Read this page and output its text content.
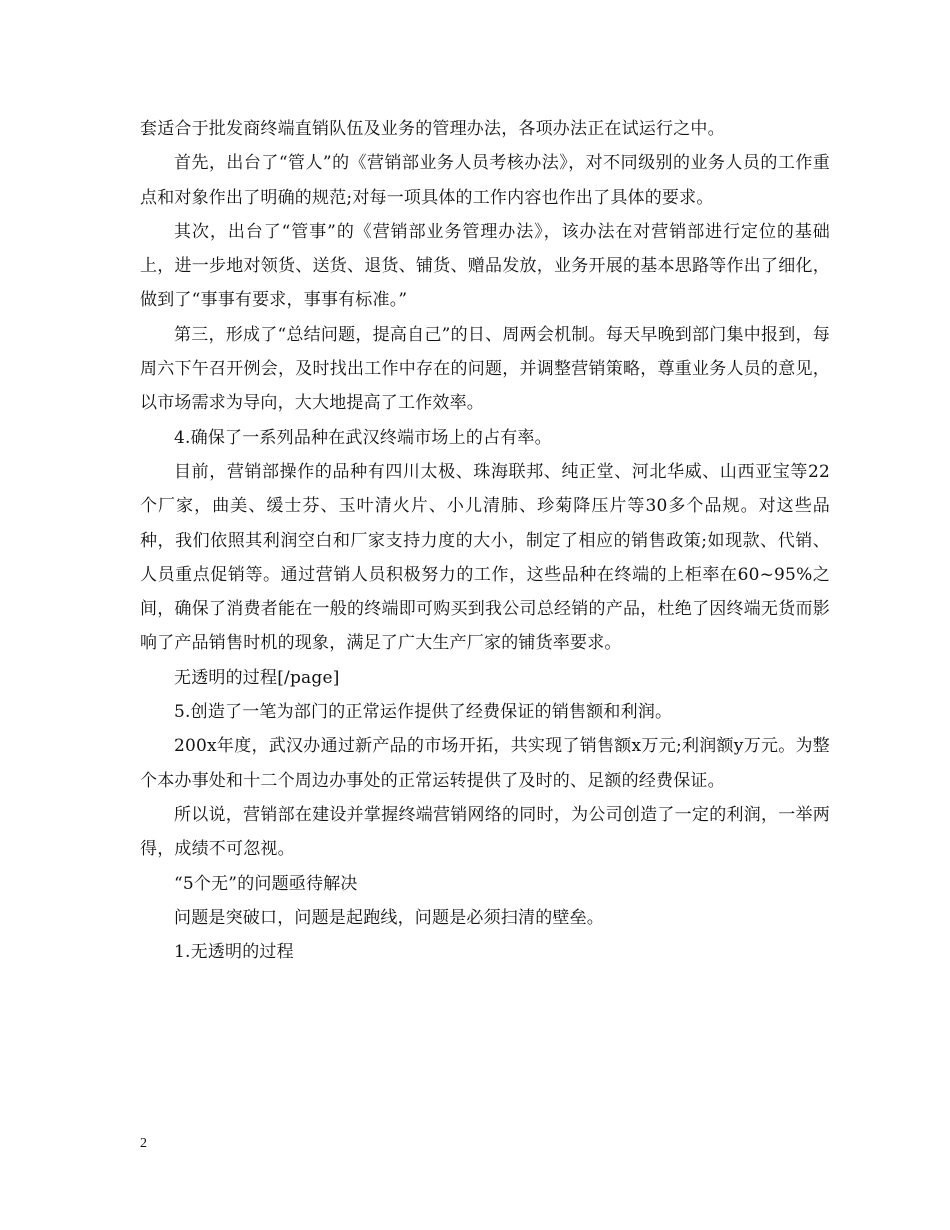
套适合于批发商终端直销队伍及业务的管理办法，各项办法正在试运行之中。

首先，出台了“管人”的《营销部业务人员考核办法》，对不同级别的业务人员的工作重点和对象作出了明确的规范;对每一项具体的工作内容也作出了具体的要求。

其次，出台了“管事”的《营销部业务管理办法》，该办法在对营销部进行定位的基础上，进一步地对领货、送货、退货、铺货、赠品发放，业务开展的基本思路等作出了细化，做到了“事事有要求，事事有标准。”

第三，形成了“总结问题，提高自己”的日、周两会机制。每天早晚到部门集中报到，每周六下午召开例会，及时找出工作中存在的问题，并调整营销策略，尊重业务人员的意见，以市场需求为导向，大大地提高了工作效率。

4.确保了一系列品种在武汉终端市场上的占有率。

目前，营销部操作的品种有四川太极、珠海联邦、纯正堂、河北华威、山西亚宝等22个厂家，曲美、缓士芬、玉叶清火片、小儿清肺、珍菊降压片等30多个品规。对这些品种，我们依照其利润空白和厂家支持力度的大小，制定了相应的销售政策;如现款、代销、人员重点促销等。通过营销人员积极努力的工作，这些品种在终端的上柜率在60~95%之间，确保了消费者能在一般的终端即可购买到我公司总经销的产品，杜绝了因终端无货而影响了产品销售时机的现象，满足了广大生产厂家的铺货率要求。

无透明的过程[/page]

5.创造了一笔为部门的正常运作提供了经费保证的销售额和利润。

200x年度，武汉办通过新产品的市场开拓，共实现了销售额x万元;利润额y万元。为整个本办事处和十二个周边办事处的正常运转提供了及时的、足额的经费保证。

所以说，营销部在建设并掌握终端营销网络的同时，为公司创造了一定的利润，一举两得，成绩不可忽视。

“5个无”的问题亟待解决

问题是突破口，问题是起跑线，问题是必须扫清的壁垒。

1.无透明的过程

2
